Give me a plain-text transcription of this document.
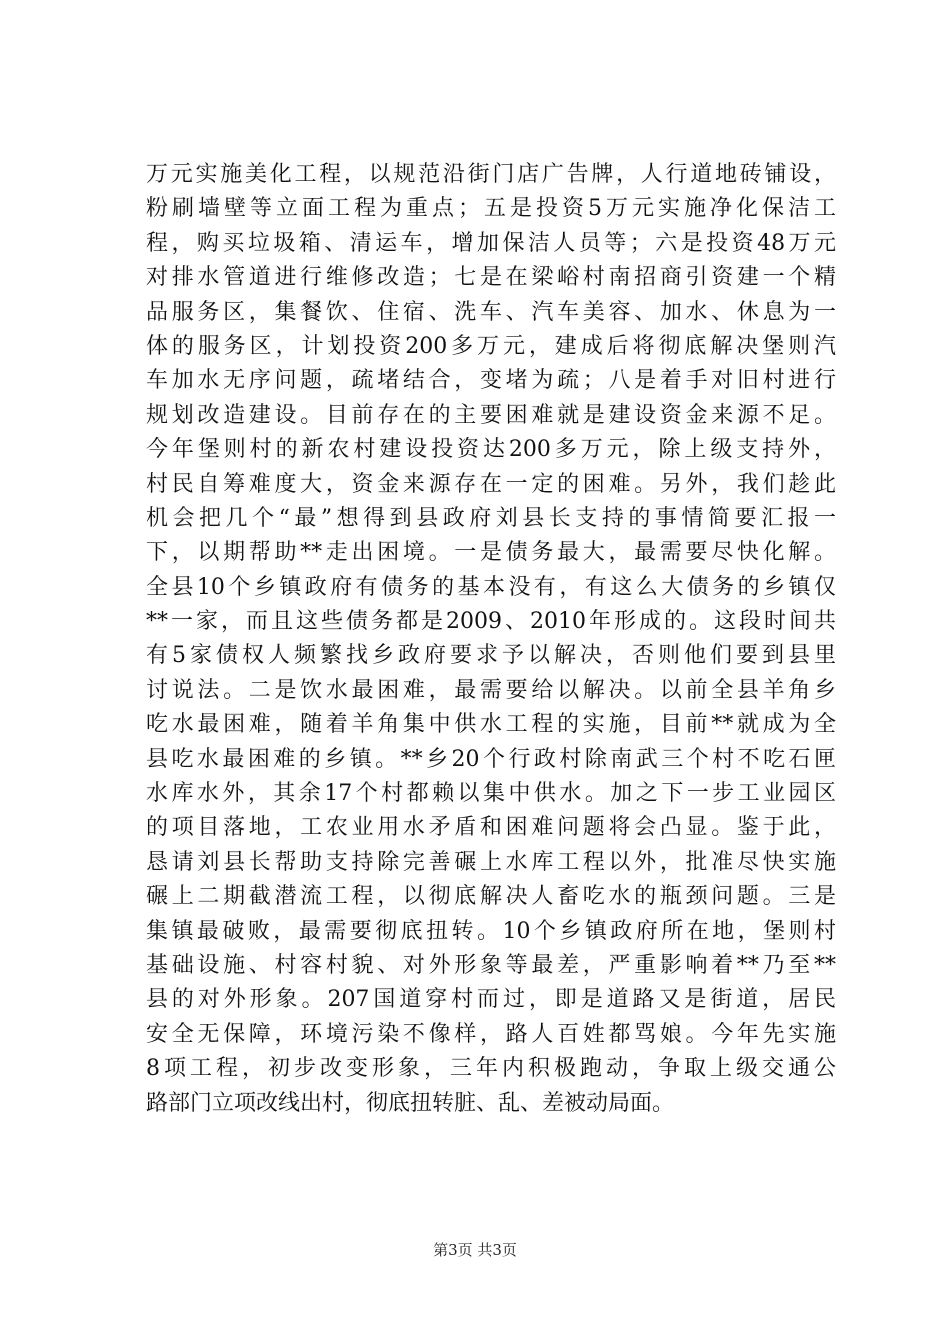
万元实施美化工程，以规范沿街门店广告牌，人行道地砖铺设，
粉刷墙壁等立面工程为重点；五是投资5万元实施净化保洁工
程，购买垃圾箱、清运车，增加保洁人员等；六是投资48万元
对排水管道进行维修改造；七是在梁峪村南招商引资建一个精
品服务区，集餐饮、住宿、洗车、汽车美容、加水、休息为一
体的服务区，计划投资200多万元，建成后将彻底解决堡则汽
车加水无序问题，疏堵结合，变堵为疏；八是着手对旧村进行
规划改造建设。目前存在的主要困难就是建设资金来源不足。
今年堡则村的新农村建设投资达200多万元，除上级支持外，
村民自筹难度大，资金来源存在一定的困难。另外，我们趁此
机会把几个“最”想得到县政府刘县长支持的事情简要汇报一
下，以期帮助**走出困境。一是债务最大，最需要尽快化解。
全县10个乡镇政府有债务的基本没有，有这么大债务的乡镇仅
**一家，而且这些债务都是2009、2010年形成的。这段时间共
有5家债权人频繁找乡政府要求予以解决，否则他们要到县里
讨说法。二是饮水最困难，最需要给以解决。以前全县羊角乡
吃水最困难，随着羊角集中供水工程的实施，目前**就成为全
县吃水最困难的乡镇。**乡20个行政村除南武三个村不吃石匣
水库水外，其余17个村都赖以集中供水。加之下一步工业园区
的项目落地，工农业用水矛盾和困难问题将会凸显。鉴于此，
恳请刘县长帮助支持除完善碾上水库工程以外，批准尽快实施
碾上二期截潜流工程，以彻底解决人畜吃水的瓶颈问题。三是
集镇最破败，最需要彻底扭转。10个乡镇政府所在地，堡则村
基础设施、村容村貌、对外形象等最差，严重影响着**乃至**
县的对外形象。207国道穿村而过，即是道路又是街道，居民
安全无保障，环境污染不像样，路人百姓都骂娘。今年先实施
8项工程，初步改变形象，三年内积极跑动，争取上级交通公
路部门立项改线出村，彻底扭转脏、乱、差被动局面。
第3页 共3页
